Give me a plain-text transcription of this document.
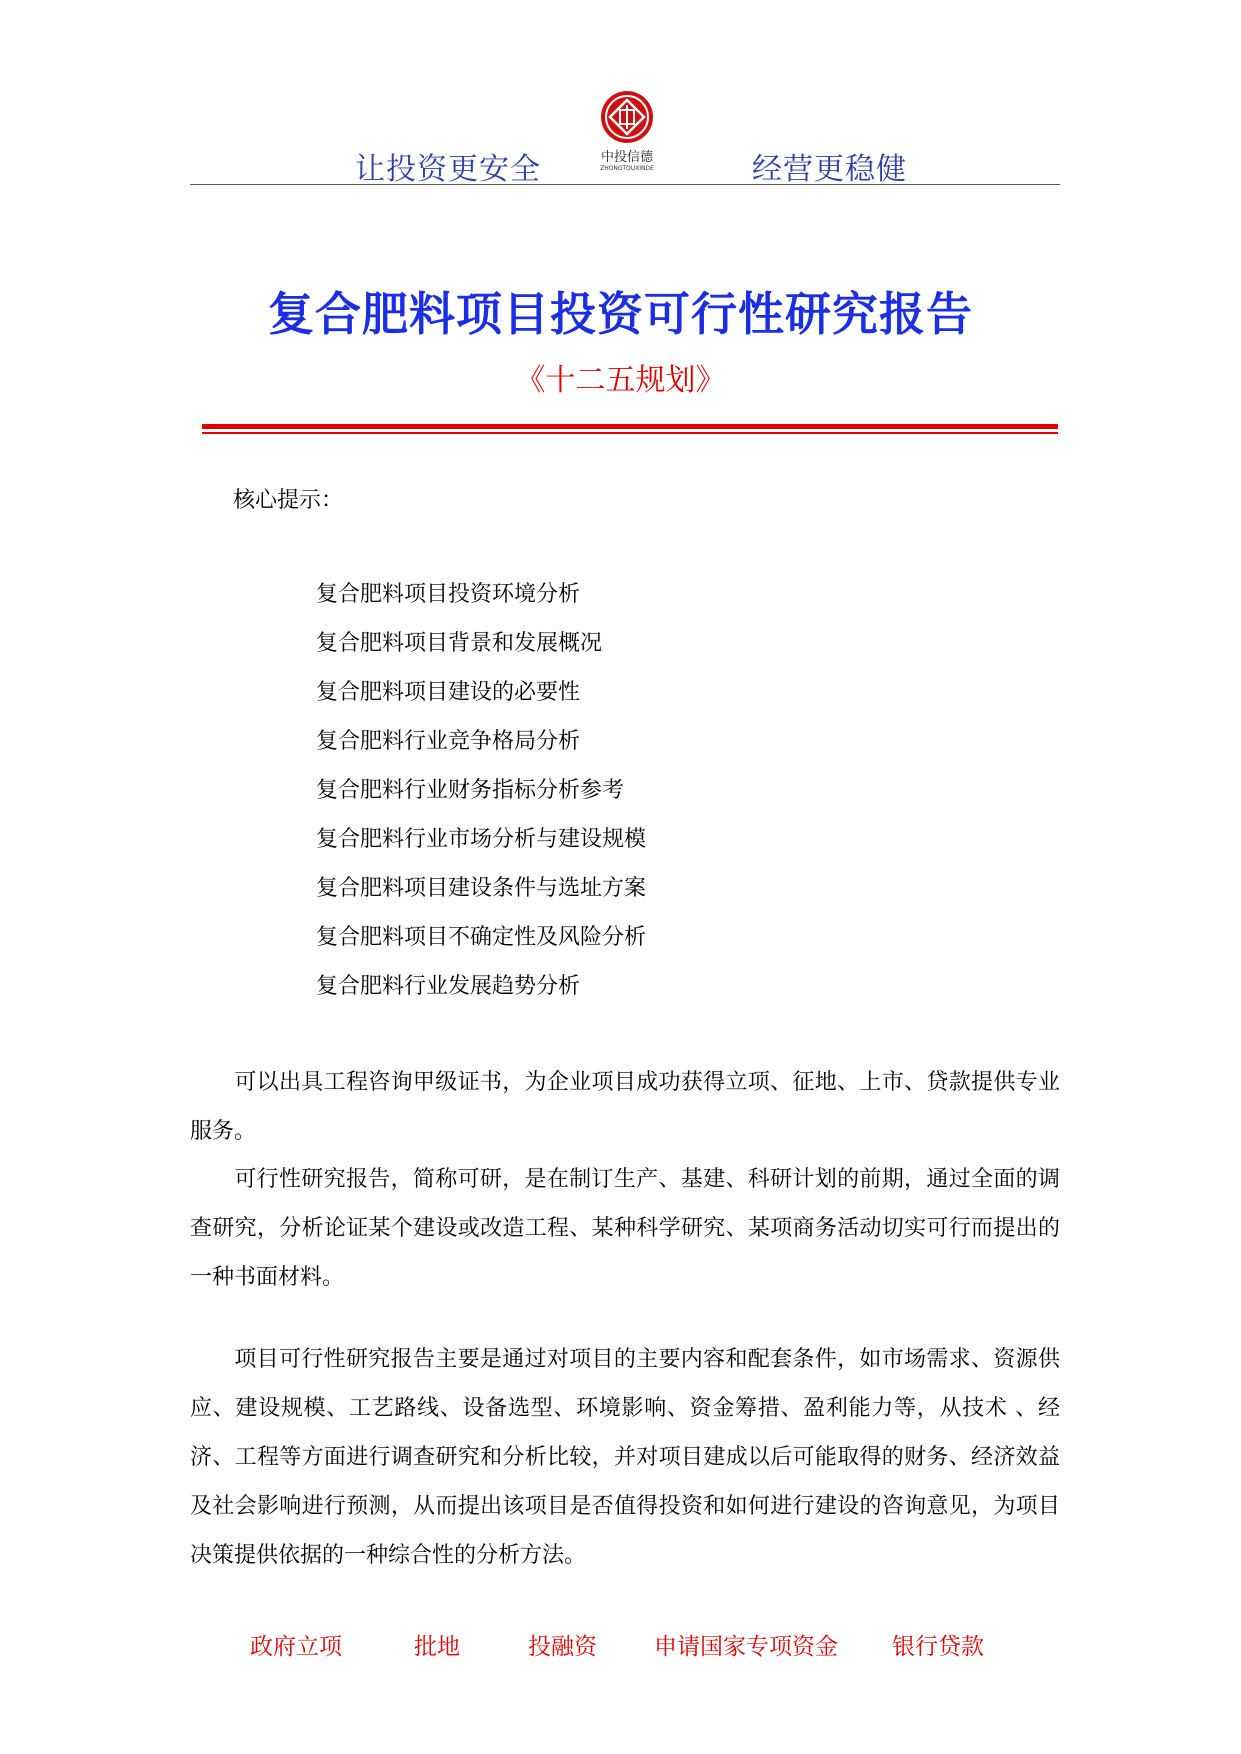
让投资更安全	中投信德
ZHONGTOUXINDE	经营更稳健
复合肥料项目投资可行性研究报告
《十二五规划》
核心提示：
复合肥料项目投资环境分析
复合肥料项目背景和发展概况
复合肥料项目建设的必要性
复合肥料行业竞争格局分析
复合肥料行业财务指标分析参考
复合肥料行业市场分析与建设规模
复合肥料项目建设条件与选址方案
复合肥料项目不确定性及风险分析
复合肥料行业发展趋势分析

可以出具工程咨询甲级证书，为企业项目成功获得立项、征地、上市、贷款提供专业服务。

可行性研究报告，简称可研，是在制订生产、基建、科研计划的前期，通过全面的调查研究，分析论证某个建设或改造工程、某种科学研究、某项商务活动切实可行而提出的一种书面材料。

项目可行性研究报告主要是通过对项目的主要内容和配套条件，如市场需求、资源供应、建设规模、工艺路线、设备选型、环境影响、资金筹措、盈利能力等，从技术 、经济、工程等方面进行调查研究和分析比较，并对项目建成以后可能取得的财务、经济效益及社会影响进行预测，从而提出该项目是否值得投资和如何进行建设的咨询意见，为项目决策提供依据的一种综合性的分析方法。

政府立项	批地	投融资 申请国家专项资金 银行贷款
